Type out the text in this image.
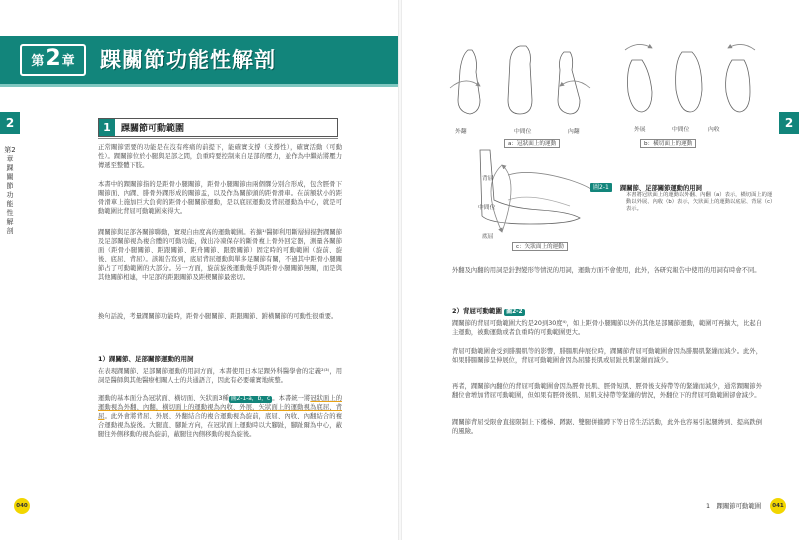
第 2 章 踝關節功能性解剖
2
第2章 踝關節功能性解剖
2
1	踝關節可動範圍

正常關節需要的功能是在沒有疼痛的前提下，能確實支撐（支撐性），確實活動（可動性）。踝關節位於小腿與足部之間，負重時要控制來自足部的壓力，並作為中繼站將壓力傳遞至整體下肢。

本書中的踝關節指的是距骨小腿關節，距骨小腿關節由兩個髁分別合形成，包含脛骨下關節面、內踝、腓骨外踝形成的關節盂，以及作為關節頭的距骨滑車。在前額狀小的距骨滑車上施加巨大負荷的距骨小腿關節運動，是以底屈運動及背屈運動為中心，就是可動範圍比背屈可動範圍來得大。

踝關節與足部各關節聯動，實現自由度高的運動範圍。若擴¹⁾醫師利用斷層掃描對踝關節及足部關節視為複合體的可動功能，做出冷凍保存的斷骨複上骨外回定器，測量各關節面（距骨小腿關節、距跟關節、距舟關節、跟骰關節）固定時的可動範圍（旋前、旋後、底屈、背屈）。該報告寫到，底屈背屈運動與單多足關節有關，不過其中距骨小腿關節占了可動範圍的大部分。另一方面，旋前旋後運動幾乎與距骨小腿關節無關，而是與其他關節相連，中足部的距跟關節及距楔關節最密切。

換句話說，考量踝關節功能時，距骨小腿關節、距跟關節、跗橫關節的可動性很重要。

1）踝關節、足部關節運動的用詞

在表現踝關節、足部關節運動的用詞方面，本書使用日本足踝外科醫學會的定義²⁾³⁾，用詞是醫師與其他醫療相關人士的共通語言，因此有必要確實地統整。

運動的基本面分為冠狀面、橫切面、矢狀面3種 圖2-1-a，b，c 。本書統一將冠狀面上的運動視為外翻、內翻，橫切面上的運動視為內收、外展，矢狀面上的運動視為底屈、背屈。此外會將背屈、外展、外翻結合的複合運動視為旋前，底屈、內收、內翻結合的複合運動視為旋後。大腿直、腳趾方向，在冠狀面上運動時以大腳趾，腳趾爾為中心，蔽腿往外側移動的視為旋前，蔽腿往內側移動的視為旋後。

外翻	中間位	內翻	外展	中間位	內收
a：冠狀面上的運動	b：橫切面上的運動
背屈
中間位
底屈
c：矢狀面上的運動
圖2-1	踝關節、足部關節運動的用詞
本書將冠狀面上的運動以外翻、內翻（a）表示，橫切面上的運動以外展、內收（b）表示，矢狀面上的運動以底屈、背屈（c）表示。

外翻及內翻的用詞是針對變形等情況的用詞，運動方面不會使用，此外，各研究報告中使用的用詞有時會不同。

2）背屈可動範圍 圖2-2

踝關節的背屈可動範圍大約是20到30度⁴⁾，如上距骨小腿關節以外的其他足部關節運動，範圍可再擴大，比起自主運動，被動運動或者負重時的可動範圍更大。

背屈可動範圍會受到腓腸肌等的影響，腓腸肌伸展位時，踝關節背屈可動範圍會因為腓腸肌緊繃而減少。此外，如果腓腸關節呈伸展位，背屈可動範圍會因為屈膝長肌或屈趾長肌緊繃而減少。

再者，踝關節內翻位的背屈可動範圍會因為脛骨長肌、脛骨短肌、脛骨後支持帶等的緊繃而減少，通常踝關節外翻位會增加背屈可動範圍，但如果有脛骨後肌、屈肌支持帶等緊繃的情況，外翻位下的背屈可動範圍卻會減少。

踝關節背屈受限會直接限制上下樓梯、蹲踞、雙腿併攏蹲下等日常生活活動，此外也容易引起腿縛到、提高跌倒的風險。

040	1　踝關節可動範圍	041
